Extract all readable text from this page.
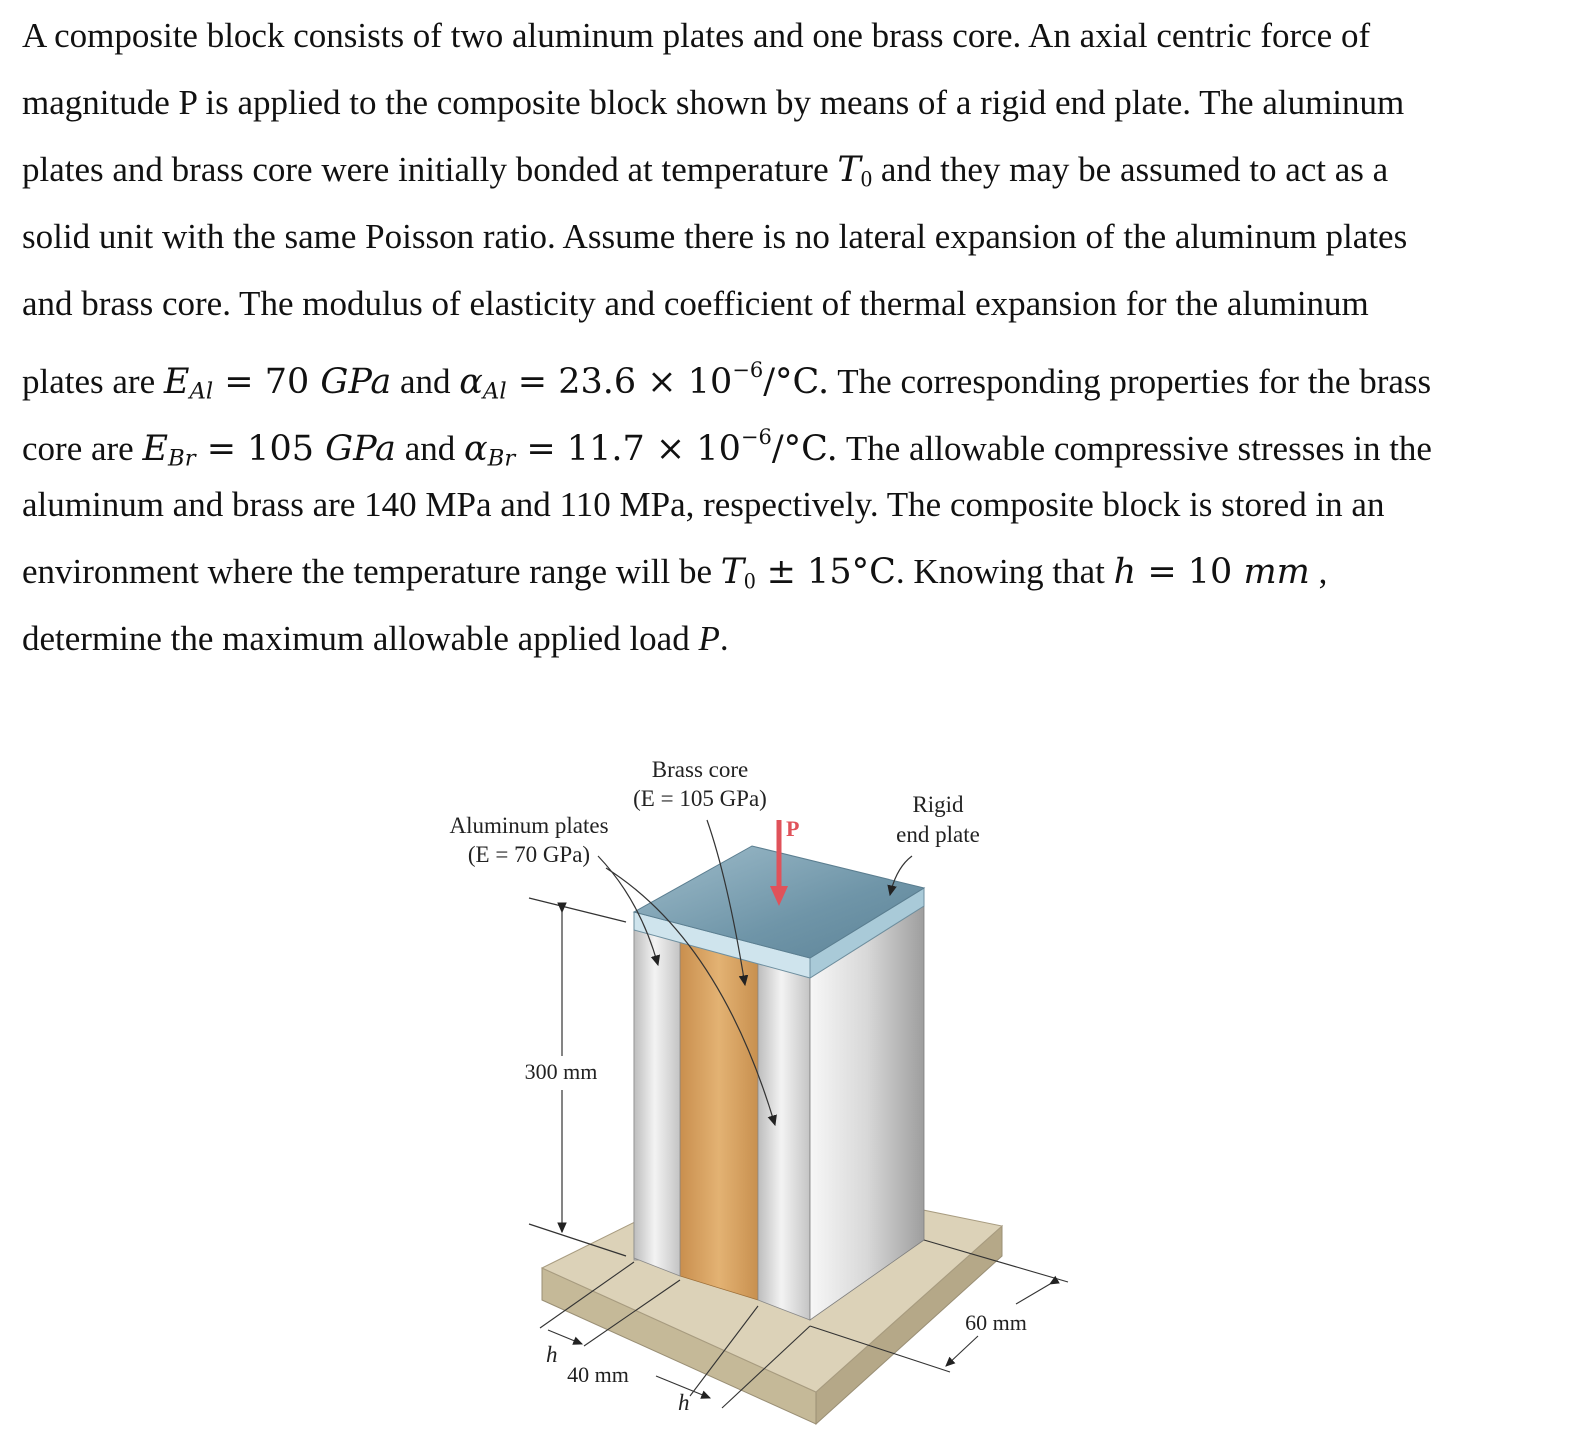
A composite block consists of two aluminum plates and one brass core. An axial centric force of
magnitude P is applied to the composite block shown by means of a rigid end plate. The aluminum
plates and brass core were initially bonded at temperature $T_0$ and they may be assumed to act as a
solid unit with the same Poisson ratio. Assume there is no lateral expansion of the aluminum plates
and brass core. The modulus of elasticity and coefficient of thermal expansion for the aluminum
plates are $E_{Al} = 70$ GPa and $\alpha_{Al} = 23.6 \times 10^{-6}/^\circ C$. The corresponding properties for the brass
core are $E_{Br} = 105$ GPa and $\alpha_{Br} = 11.7 \times 10^{-6}/^\circ C$. The allowable compressive stresses in the
aluminum and brass are 140 MPa and 110 MPa, respectively. The composite block is stored in an
environment where the temperature range will be $T_0 \pm 15^\circ C$. Knowing that h = 10 mm ,
determine the maximum allowable applied load P.
P
Brass core
(E = 105 GPa)
Aluminum plates
(E = 70 GPa)
Rigid
end plate
300 mm
h
40 mm
h
60 mm
